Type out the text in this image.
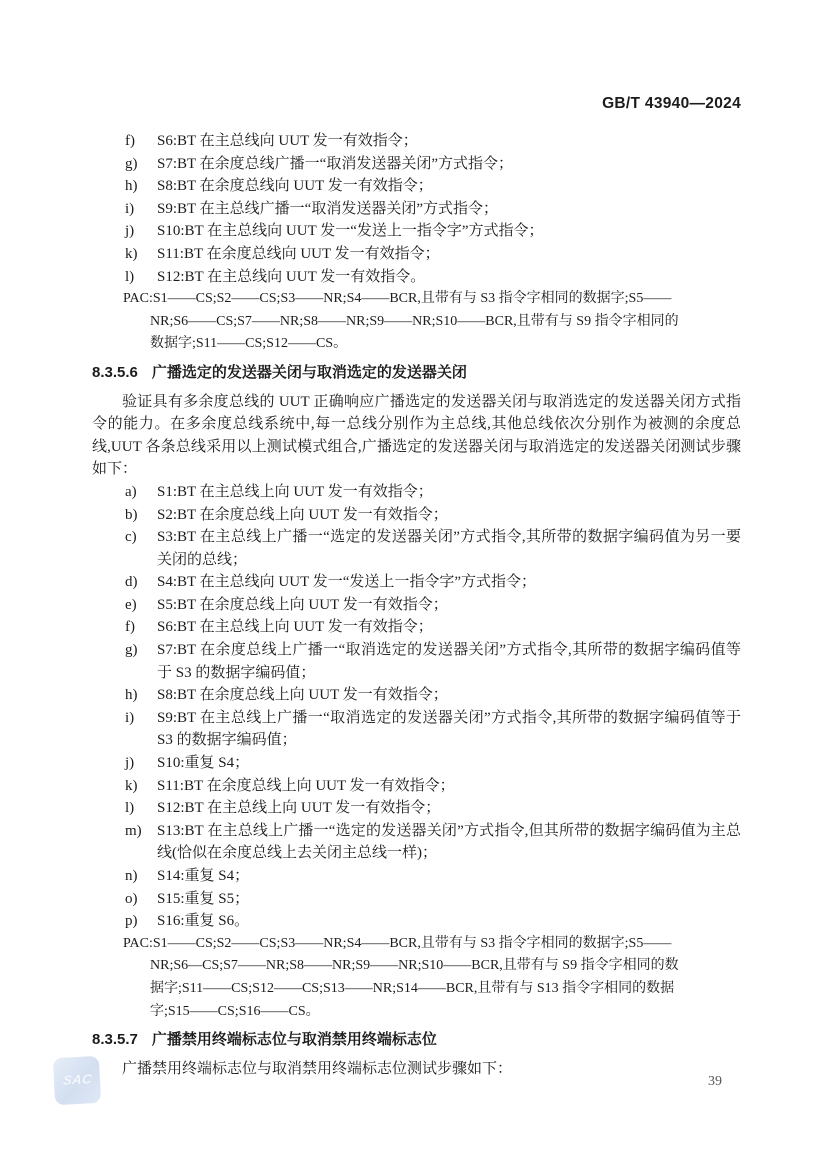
GB/T 43940—2024
f)	S6:BT 在主总线向 UUT 发一有效指令；
g)	S7:BT 在余度总线广播一“取消发送器关闭”方式指令；
h)	S8:BT 在余度总线向 UUT 发一有效指令；
i)	S9:BT 在主总线广播一“取消发送器关闭”方式指令；
j)	S10:BT 在主总线向 UUT 发一“发送上一指令字”方式指令；
k)	S11:BT 在余度总线向 UUT 发一有效指令；
l)	S12:BT 在主总线向 UUT 发一有效指令。
PAC:S1——CS;S2——CS;S3——NR;S4——BCR,且带有与 S3 指令字相同的数据字;S5——
NR;S6——CS;S7——NR;S8——NR;S9——NR;S10——BCR,且带有与 S9 指令字相同的
数据字;S11——CS;S12——CS。
8.3.5.6 广播选定的发送器关闭与取消选定的发送器关闭
验证具有多余度总线的 UUT 正确响应广播选定的发送器关闭与取消选定的发送器关闭方式指令的能力。在多余度总线系统中,每一总线分别作为主总线,其他总线依次分别作为被测的余度总线,UUT 各条总线采用以上测试模式组合,广播选定的发送器关闭与取消选定的发送器关闭测试步骤如下：
a)	S1:BT 在主总线上向 UUT 发一有效指令；
b)	S2:BT 在余度总线上向 UUT 发一有效指令；
c)	S3:BT 在主总线上广播一“选定的发送器关闭”方式指令,其所带的数据字编码值为另一要关闭的总线；
d)	S4:BT 在主总线向 UUT 发一“发送上一指令字”方式指令；
e)	S5:BT 在余度总线上向 UUT 发一有效指令；
f)	S6:BT 在主总线上向 UUT 发一有效指令；
g)	S7:BT 在余度总线上广播一“取消选定的发送器关闭”方式指令,其所带的数据字编码值等于 S3 的数据字编码值；
h)	S8:BT 在余度总线上向 UUT 发一有效指令；
i)	S9:BT 在主总线上广播一“取消选定的发送器关闭”方式指令,其所带的数据字编码值等于 S3 的数据字编码值；
j)	S10:重复 S4；
k)	S11:BT 在余度总线上向 UUT 发一有效指令；
l)	S12:BT 在主总线上向 UUT 发一有效指令；
m)	S13:BT 在主总线上广播一“选定的发送器关闭”方式指令,但其所带的数据字编码值为主总线(恰似在余度总线上去关闭主总线一样)；
n)	S14:重复 S4；
o)	S15:重复 S5；
p)	S16:重复 S6。
PAC:S1——CS;S2——CS;S3——NR;S4——BCR,且带有与 S3 指令字相同的数据字;S5——
NR;S6—CS;S7——NR;S8——NR;S9——NR;S10——BCR,且带有与 S9 指令字相同的数
据字;S11——CS;S12——CS;S13——NR;S14——BCR,且带有与 S13 指令字相同的数据
字;S15——CS;S16——CS。
8.3.5.7 广播禁用终端标志位与取消禁用终端标志位
广播禁用终端标志位与取消禁用终端标志位测试步骤如下：
SAC	39
